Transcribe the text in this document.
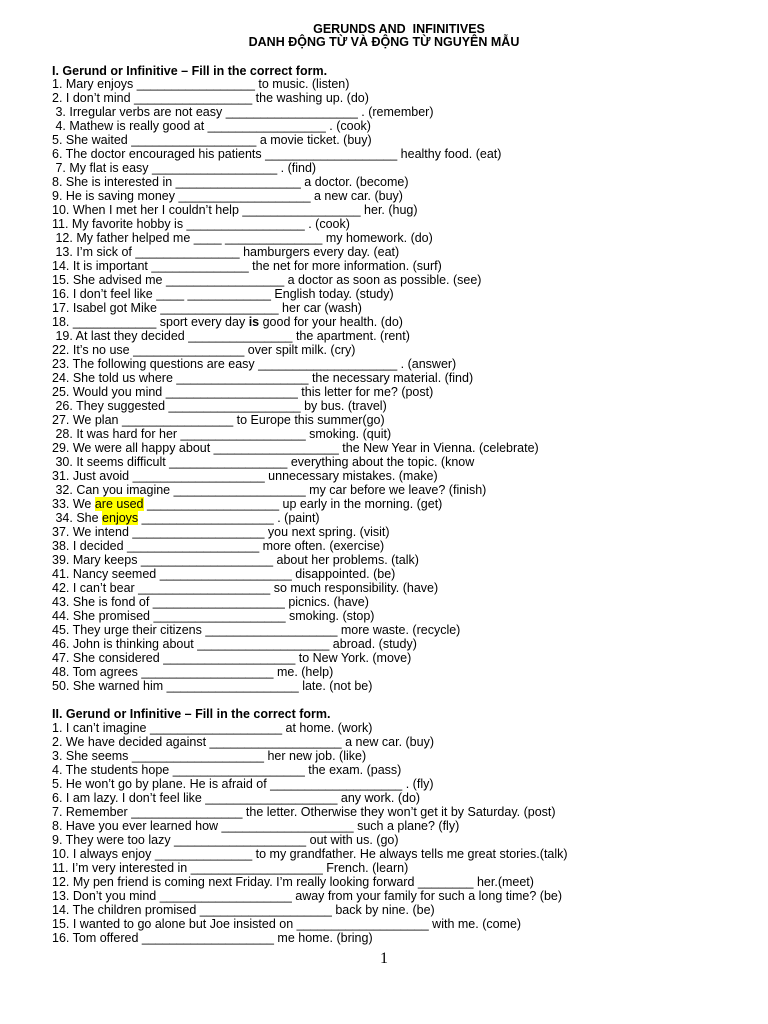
GERUNDS AND  INFINITIVES
DANH ĐỘNG TỪ VÀ ĐỘNG TỪ NGUYÊN MẪU
I. Gerund or Infinitive – Fill in the correct form.
1. Mary enjoys _________________ to music. (listen)
2. I don’t mind _________________ the washing up. (do)
3. Irregular verbs are not easy ___________________ . (remember)
4. Mathew is really good at _________________ . (cook)
5. She waited __________________ a movie ticket. (buy)
6. The doctor encouraged his patients ___________________ healthy food. (eat)
7. My flat is easy __________________ . (find)
8. She is interested in __________________ a doctor. (become)
9. He is saving money ___________________ a new car. (buy)
10. When I met her I couldn’t help _________________ her. (hug)
11. My favorite hobby is _________________ . (cook)
12. My father helped me ____ ______________ my homework. (do)
13. I’m sick of _______________ hamburgers every day. (eat)
14. It is important ______________ the net for more information. (surf)
15. She advised me _________________ a doctor as soon as possible. (see)
16. I don’t feel like ____ ____________ English today. (study)
17. Isabel got Mike _________________ her car (wash)
18. ____________ sport every day is good for your health. (do)
19. At last they decided _______________ the apartment. (rent)
22. It’s no use ________________ over spilt milk. (cry)
23. The following questions are easy ____________________ . (answer)
24. She told us where ___________________ the necessary material. (find)
25. Would you mind ___________________ this letter for me? (post)
26. They suggested ___________________ by bus. (travel)
27. We plan ________________ to Europe this summer(go)
28. It was hard for her __________________ smoking. (quit)
29. We were all happy about __________________ the New Year in Vienna. (celebrate)
30. It seems difficult _________________ everything about the topic. (know
31. Just avoid ___________________ unnecessary mistakes. (make)
32. Can you imagine ___________________ my car before we leave? (finish)
33. We are used ___________________ up early in the morning. (get)
34. She enjoys ___________________ . (paint)
37. We intend ___________________ you next spring. (visit)
38. I decided ___________________ more often. (exercise)
39. Mary keeps ___________________ about her problems. (talk)
41. Nancy seemed ___________________ disappointed. (be)
42. I can’t bear ___________________ so much responsibility. (have)
43. She is fond of ___________________ picnics. (have)
44. She promised ___________________ smoking. (stop)
45. They urge their citizens ___________________ more waste. (recycle)
46. John is thinking about ___________________ abroad. (study)
47. She considered ___________________ to New York. (move)
48. Tom agrees ___________________ me. (help)
50. She warned him ___________________ late. (not be)
II. Gerund or Infinitive – Fill in the correct form.
1. I can’t imagine ___________________ at home. (work)
2. We have decided against ___________________ a new car. (buy)
3. She seems ___________________ her new job. (like)
4. The students hope ___________________ the exam. (pass)
5. He won’t go by plane. He is afraid of ___________________ . (fly)
6. I am lazy. I don’t feel like ___________________ any work. (do)
7. Remember ________________ the letter. Otherwise they won’t get it by Saturday. (post)
8. Have you ever learned how ___________________ such a plane? (fly)
9. They were too lazy ___________________ out with us. (go)
10. I always enjoy ______________ to my grandfather. He always tells me great stories.(talk)
11. I’m very interested in ___________________ French. (learn)
12. My pen friend is coming next Friday. I’m really looking forward ________ her.(meet)
13. Don’t you mind ___________________ away from your family for such a long time? (be)
14. The children promised ___________________ back by nine. (be)
15. I wanted to go alone but Joe insisted on ___________________ with me. (come)
16. Tom offered ___________________ me home. (bring)
1
